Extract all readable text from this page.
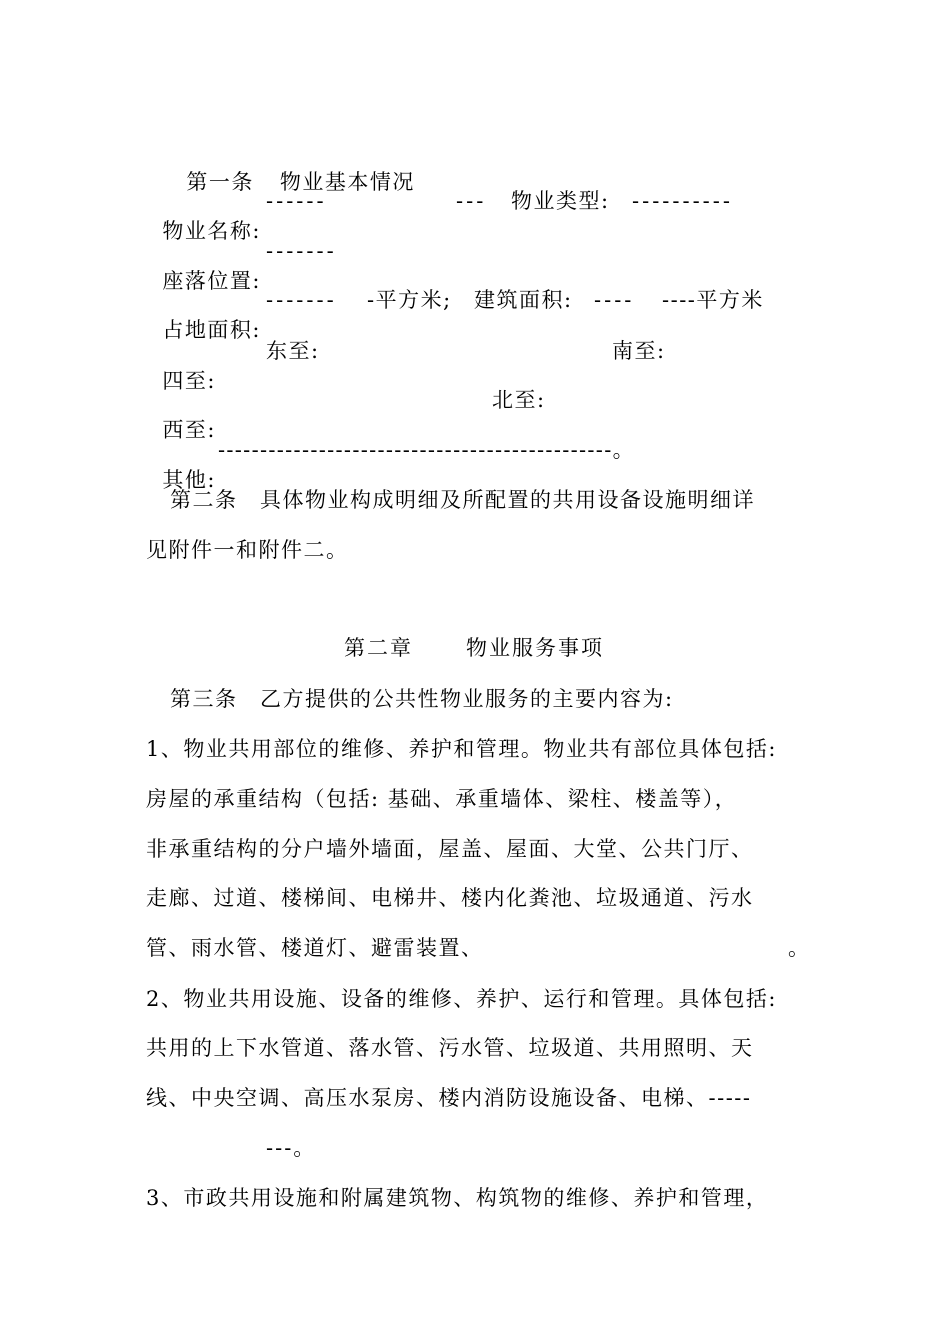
第一条 物业基本情况

物业名称:

------	--- 物业类型: ----------

座落位置:

-------

占地面积:

------- -平方米; 建筑面积: ---- ----平方米

四至:

东至:	南至:

西至:

北至:

其他:

-----------------------------------------------。
第二条　具体物业构成明细及所配置的共用设备设施明细详
见附件一和附件二。
第二章	物业服务事项
第三条　乙方提供的公共性物业服务的主要内容为:
1、物业共用部位的维修、养护和管理。物业共有部位具体包括:
房屋的承重结构（包括: 基础、承重墙体、梁柱、楼盖等），
非承重结构的分户墙外墙面，屋盖、屋面、大堂、公共门厅、
走廊、过道、楼梯间、电梯井、楼内化粪池、垃圾通道、污水
管、雨水管、楼道灯、避雷装置、	。
2、物业共用设施、设备的维修、养护、运行和管理。具体包括:
共用的上下水管道、落水管、污水管、垃圾道、共用照明、天
线、中央空调、高压水泵房、楼内消防设施设备、电梯、-----
---。
3、市政共用设施和附属建筑物、构筑物的维修、养护和管理，
